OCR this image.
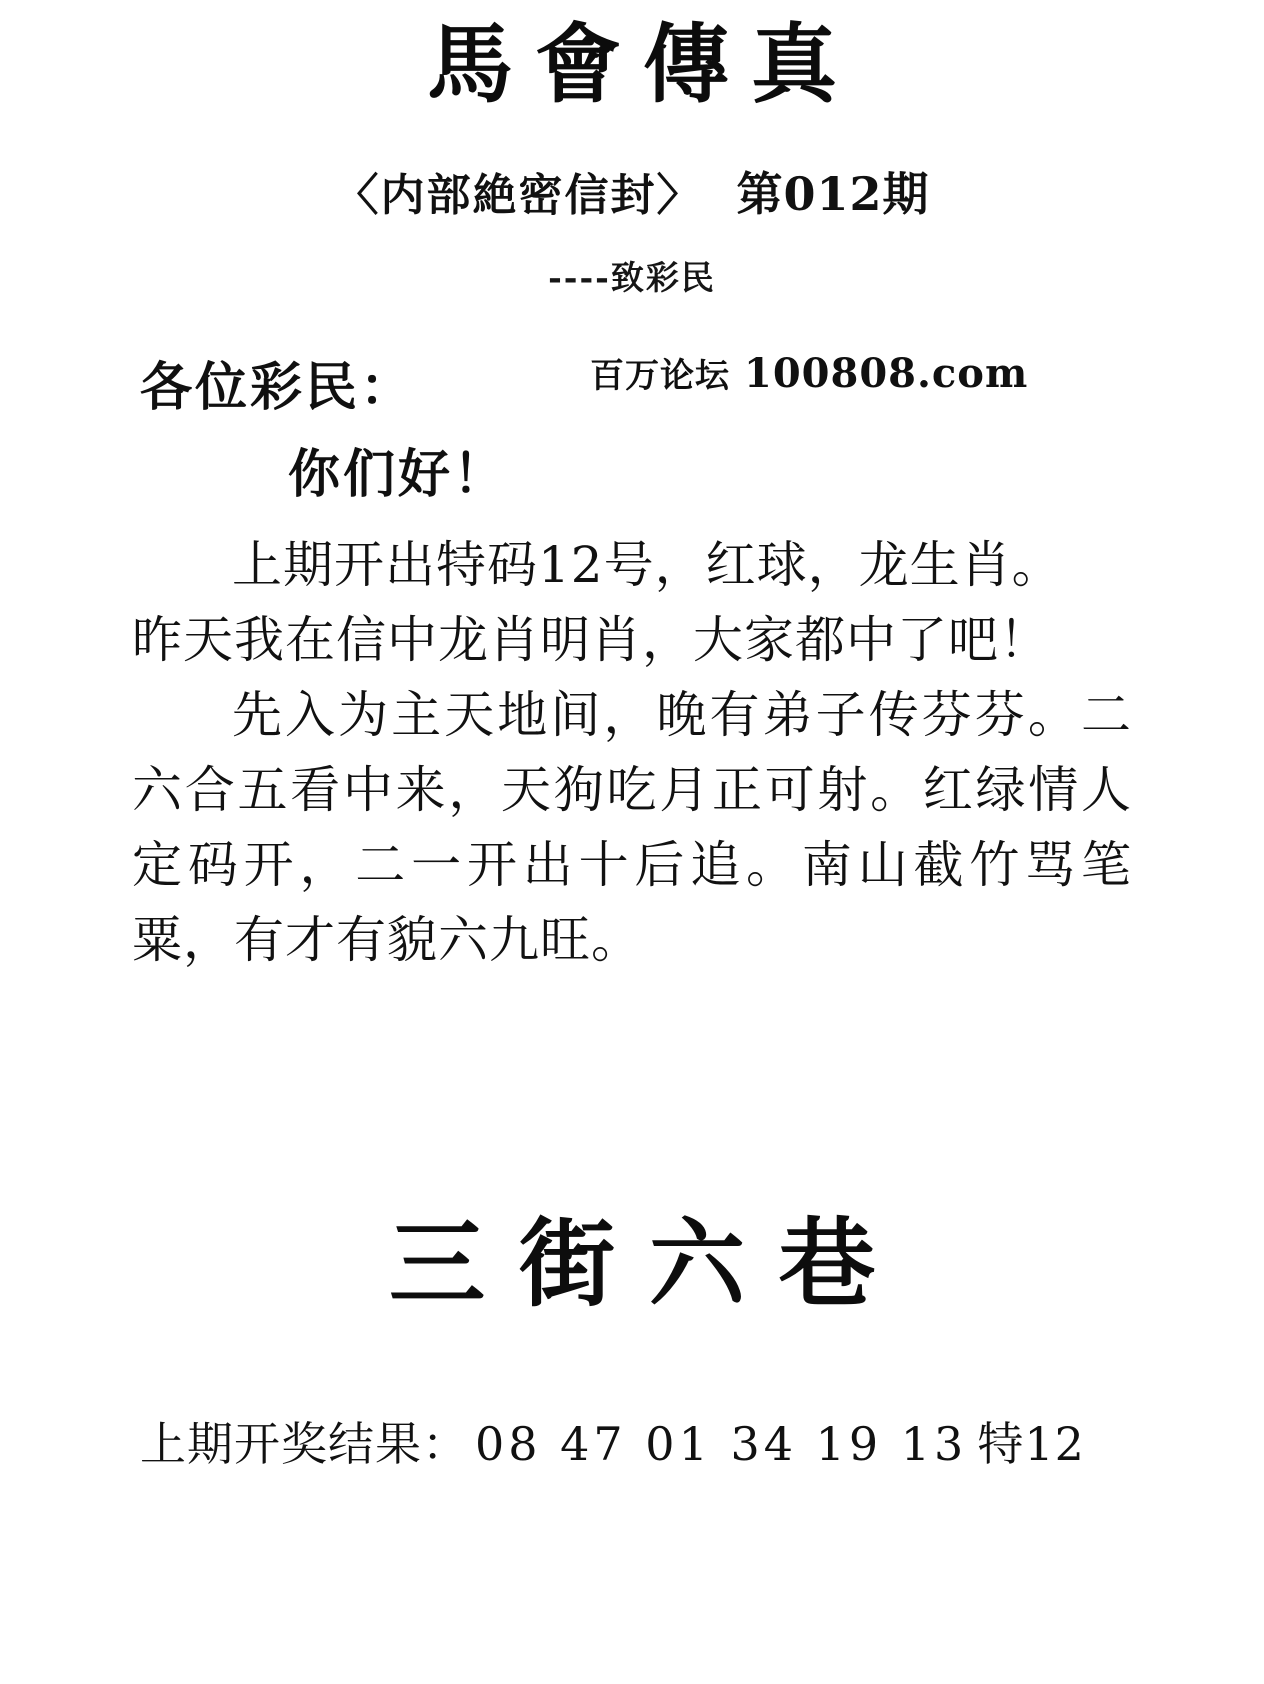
馬會傳真
〈内部絶密信封〉 第012期
----致彩民
百万论坛 100808.com
各位彩民：
你们好！

上期开出特码12号，红球，龙生肖。

昨天我在信中龙肖明肖，大家都中了吧！

先入为主天地间，晚有弟子传芬芬。二六合五看中来，天狗吃月正可射。红绿情人定码开，二一开出十后追。南山截竹骂笔粟，有才有貌六九旺。

三街六巷
上期开奖结果： 08 47 01 34 19 13 特12
